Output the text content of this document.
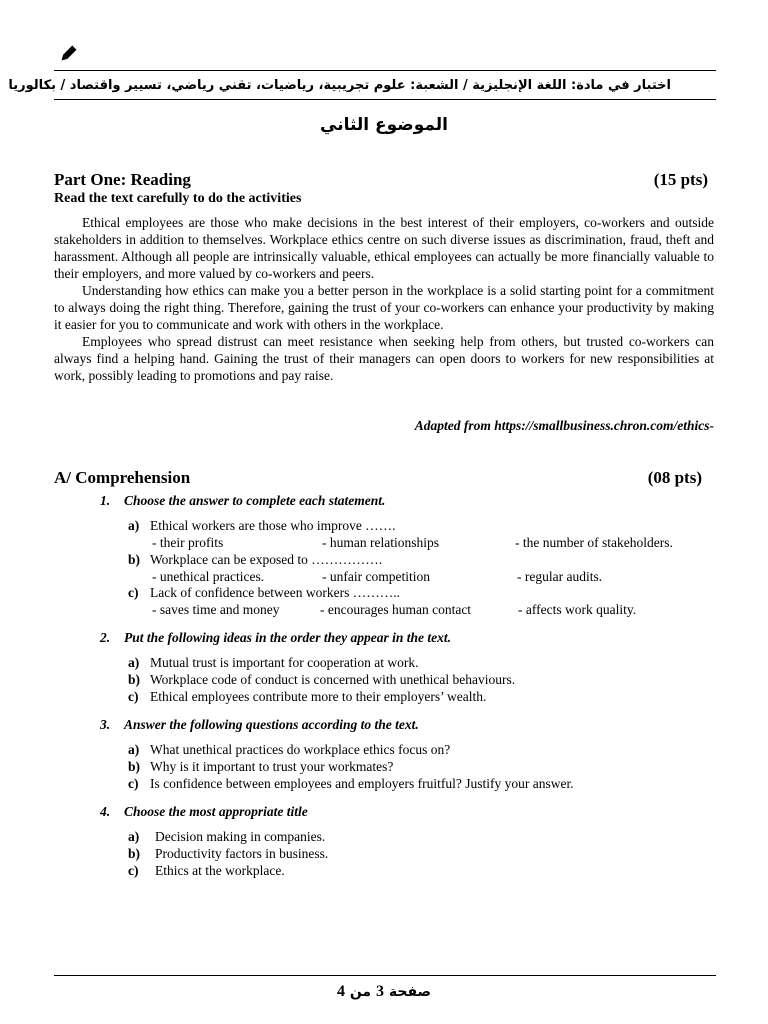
اختبار في مادة: اللغة الإنجليزية / الشعبة: علوم تجريبية، رياضيات، تقني رياضي، تسيير واقتصاد / بكالوريا
الموضوع الثاني
Part One: Reading	(15 pts)
Read the text carefully to do the activities

Ethical employees are those who make decisions in the best interest of their employers, co-workers and outside stakeholders in addition to themselves. Workplace ethics centre on such diverse issues as discrimination, fraud, theft and harassment. Although all people are intrinsically valuable, ethical employees can actually be more financially valuable to their employers, and more valued by co-workers and peers.

Understanding how ethics can make you a better person in the workplace is a solid starting point for a commitment to always doing the right thing. Therefore, gaining the trust of your co-workers can enhance your productivity by making it easier for you to communicate and work with others in the workplace.

Employees who spread distrust can meet resistance when seeking help from others, but trusted co-workers can always find a helping hand. Gaining the trust of their managers can open doors to workers for new responsibilities at work, possibly leading to promotions and pay raise.

Adapted from https://smallbusiness.chron.com/ethics-
A/ Comprehension	(08 pts)
1. Choose the answer to complete each statement.
a) Ethical workers are those who improve …….
- their profits	- human relationships	- the number of stakeholders.
b) Workplace can be exposed to …………….
- unethical practices.	- unfair competition	- regular audits.
c) Lack of confidence between workers ………..
- saves time and money	- encourages human contact	- affects work quality.
2. Put the following ideas in the order they appear in the text.
a) Mutual trust is important for cooperation at work.
b) Workplace code of conduct is concerned with unethical behaviours.
c) Ethical employees contribute more to their employers’ wealth.
3. Answer the following questions according to the text.
a) What unethical practices do workplace ethics focus on?
b) Why is it important to trust your workmates?
c) Is confidence between employees and employers fruitful? Justify your answer.
4. Choose the most appropriate title
a) Decision making in companies.
b) Productivity factors in business.
c) Ethics at the workplace.
صفحة 3 من 4
